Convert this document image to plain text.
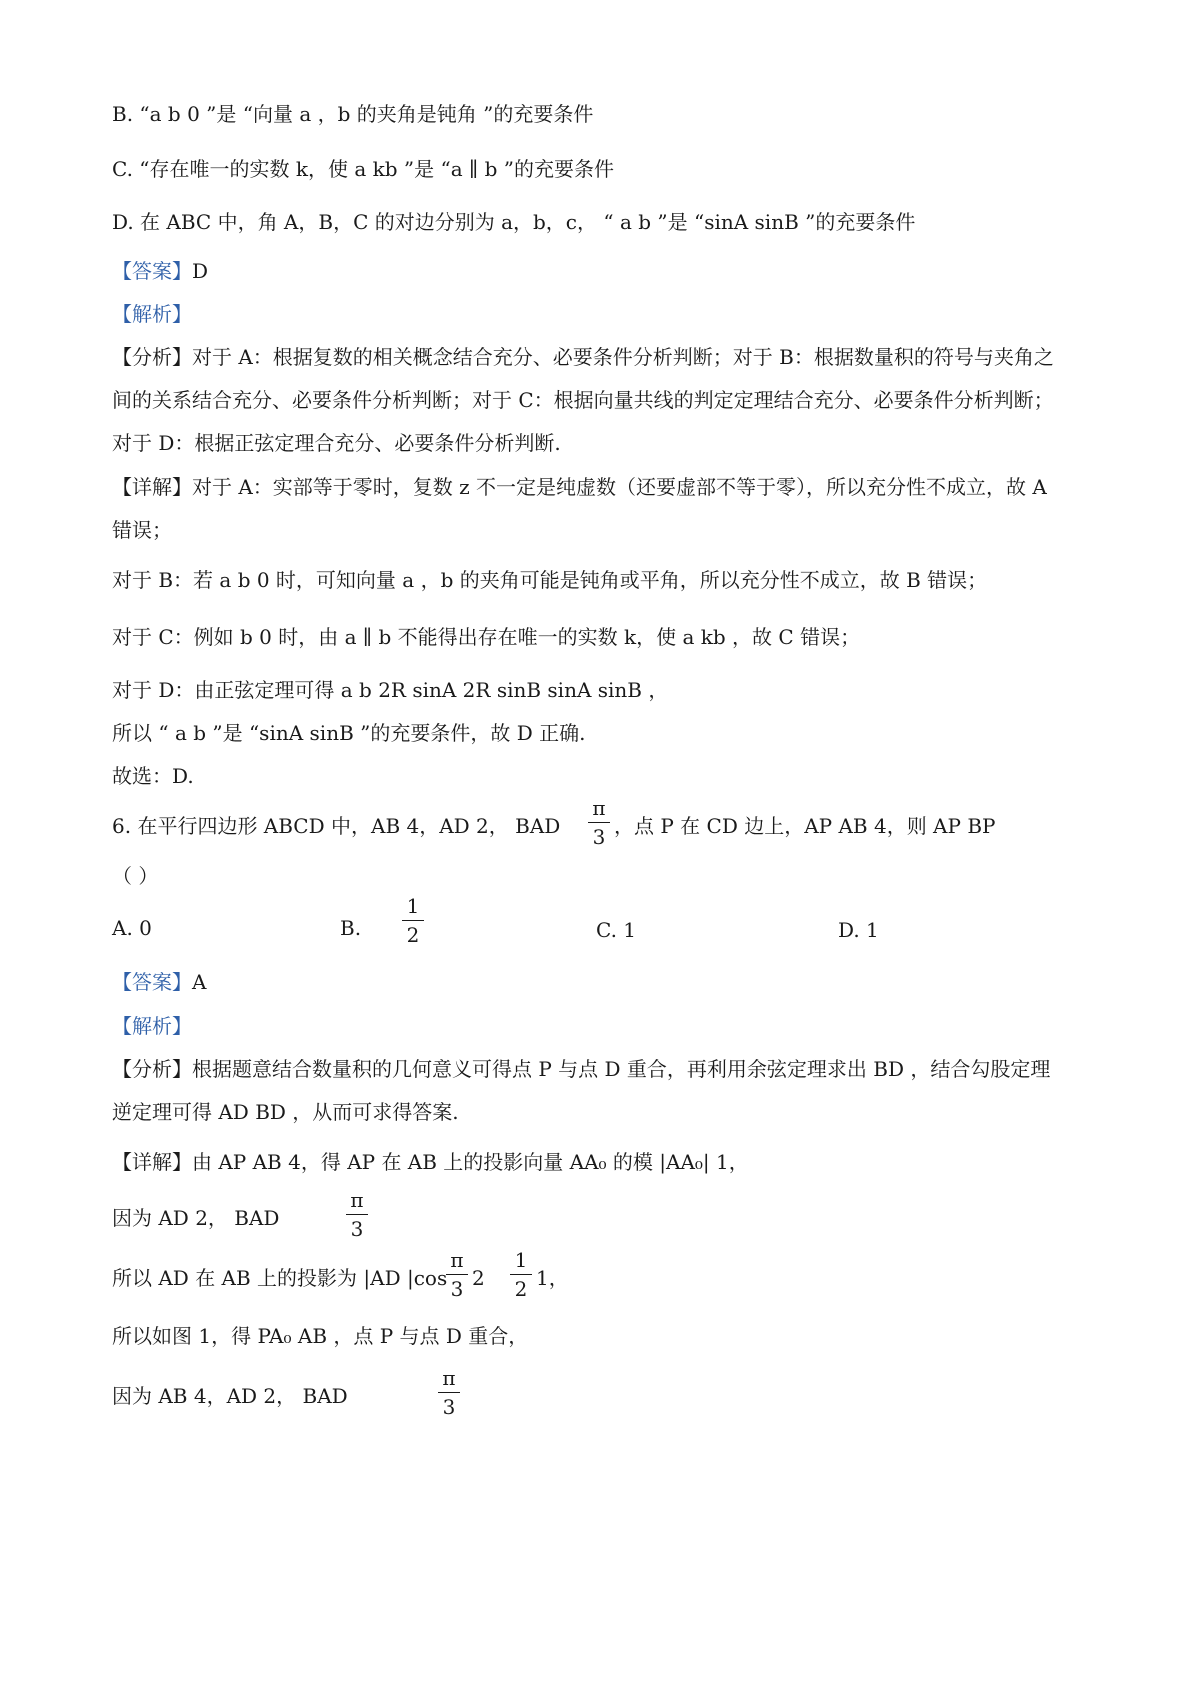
B. “a b 0 ”是 “向量 a ，b 的夹角是钝角 ”的充要条件
C. “存在唯一的实数 k，使 a kb ”是 “a ∥ b ”的充要条件
D. 在 ABC 中，角 A，B，C 的对边分别为 a，b，c， “ a b ”是 “sinA sinB ”的充要条件
【答案】D
【解析】
【分析】对于 A：根据复数的相关概念结合充分、必要条件分析判断；对于 B：根据数量积的符号与夹角之
间的关系结合充分、必要条件分析判断；对于 C：根据向量共线的判定定理结合充分、必要条件分析判断；
对于 D：根据正弦定理合充分、必要条件分析判断.
【详解】对于 A：实部等于零时，复数 z 不一定是纯虚数（还要虚部不等于零），所以充分性不成立，故 A
错误；
对于 B：若 a b 0 时，可知向量 a ，b 的夹角可能是钝角或平角，所以充分性不成立，故 B 错误；
对于 C：例如 b 0 时，由 a ∥ b 不能得出存在唯一的实数 k，使 a kb ，故 C 错误；
对于 D：由正弦定理可得 a b 2R sinA 2R sinB sinA sinB ，
所以 “ a b ”是 “sinA sinB ”的充要条件，故 D 正确.
故选：D.
6. 在平行四边形 ABCD 中，AB 4，AD 2， BAD
π
3 ，点 P 在 CD 边上，AP AB 4，则 AP BP
（ ）
A. 0	B.
1
2	C. 1	D. 1
【答案】A
【解析】
【分析】根据题意结合数量积的几何意义可得点 P 与点 D 重合，再利用余弦定理求出 BD ，结合勾股定理
逆定理可得 AD BD ，从而可求得答案.
【详解】由 AP AB 4，得 AP 在 AB 上的投影向量 AA₀ 的模 |AA₀| 1，
因为 AD 2， BAD
π
3
所以 AD 在 AB 上的投影为 |AD |cos
π
3 2
1
2 1，
所以如图 1，得 PA₀ AB ，点 P 与点 D 重合，
因为 AB 4，AD 2， BAD
π
3
